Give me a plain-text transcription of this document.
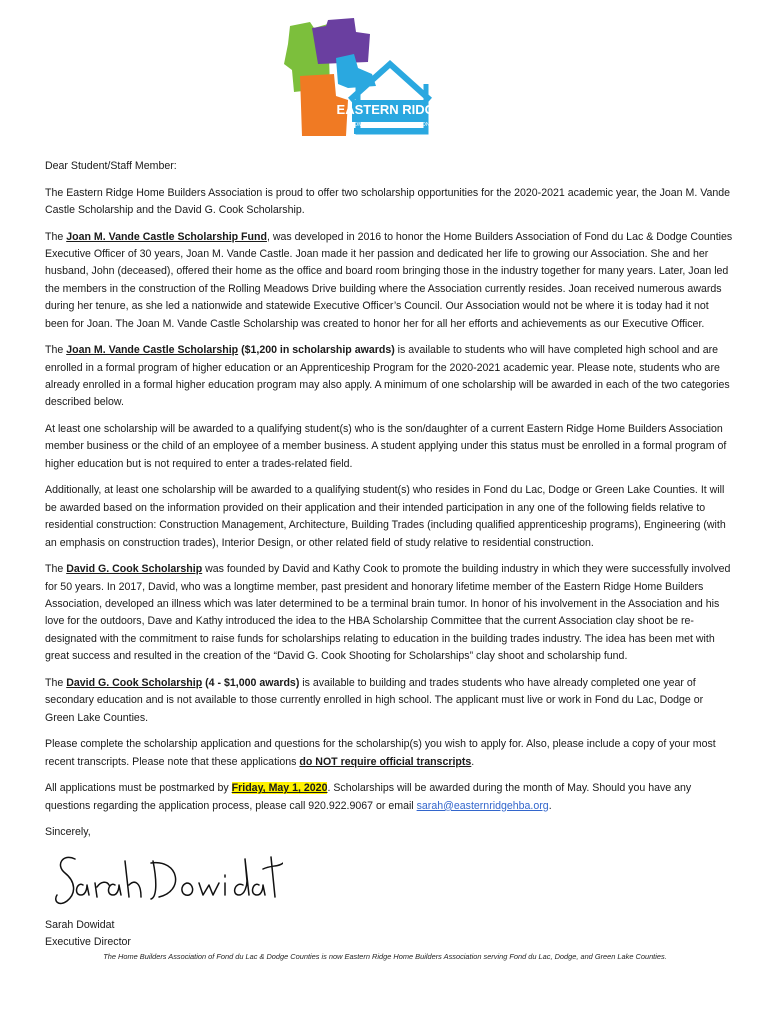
EASTERN RIDGE
HOME BUILDERS ASSOCIATION

Dear Student/Staff Member:

The Eastern Ridge Home Builders Association is proud to offer two scholarship opportunities for the 2020-2021 academic year, the Joan M. Vande Castle Scholarship and the David G. Cook Scholarship.

The Joan M. Vande Castle Scholarship Fund, was developed in 2016 to honor the Home Builders Association of Fond du Lac & Dodge Counties Executive Officer of 30 years, Joan M. Vande Castle. Joan made it her passion and dedicated her life to growing our Association. She and her husband, John (deceased), offered their home as the office and board room bringing those in the industry together for many years. Later, Joan led the members in the construction of the Rolling Meadows Drive building where the Association currently resides. Joan received numerous awards during her tenure, as she led a nationwide and statewide Executive Officer’s Council. Our Association would not be where it is today had it not been for Joan. The Joan M. Vande Castle Scholarship was created to honor her for all her efforts and achievements as our Executive Officer.

The Joan M. Vande Castle Scholarship ($1,200 in scholarship awards) is available to students who will have completed high school and are enrolled in a formal program of higher education or an Apprenticeship Program for the 2020-2021 academic year. Please note, students who are already enrolled in a formal higher education program may also apply. A minimum of one scholarship will be awarded in each of the two categories described below.

At least one scholarship will be awarded to a qualifying student(s) who is the son/daughter of a current Eastern Ridge Home Builders Association member business or the child of an employee of a member business. A student applying under this status must be enrolled in a formal program of higher education but is not required to enter a trades-related field.

Additionally, at least one scholarship will be awarded to a qualifying student(s) who resides in Fond du Lac, Dodge or Green Lake Counties. It will be awarded based on the information provided on their application and their intended participation in any one of the following fields relative to residential construction: Construction Management, Architecture, Building Trades (including qualified apprenticeship programs), Engineering (with an emphasis on construction trades), Interior Design, or other related field of study relative to residential construction.

The David G. Cook Scholarship was founded by David and Kathy Cook to promote the building industry in which they were successfully involved for 50 years. In 2017, David, who was a longtime member, past president and honorary lifetime member of the Eastern Ridge Home Builders Association, developed an illness which was later determined to be a terminal brain tumor. In honor of his involvement in the Association and his love for the outdoors, Dave and Kathy introduced the idea to the HBA Scholarship Committee that the current Association clay shoot be re-designated with the commitment to raise funds for scholarships relating to education in the building trades industry. The idea has been met with great success and resulted in the creation of the “David G. Cook Shooting for Scholarships” clay shoot and scholarship fund.

The David G. Cook Scholarship (4 - $1,000 awards) is available to building and trades students who have already completed one year of secondary education and is not available to those currently enrolled in high school. The applicant must live or work in Fond du Lac, Dodge or Green Lake Counties.

Please complete the scholarship application and questions for the scholarship(s) you wish to apply for. Also, please include a copy of your most recent transcripts. Please note that these applications do NOT require official transcripts.

All applications must be postmarked by Friday, May 1, 2020. Scholarships will be awarded during the month of May. Should you have any questions regarding the application process, please call 920.922.9067 or email sarah@easternridgehba.org.

Sincerely,

Sarah Dowidat

Executive Director

The Home Builders Association of Fond du Lac & Dodge Counties is now Eastern Ridge Home Builders Association serving Fond du Lac, Dodge, and Green Lake Counties.
